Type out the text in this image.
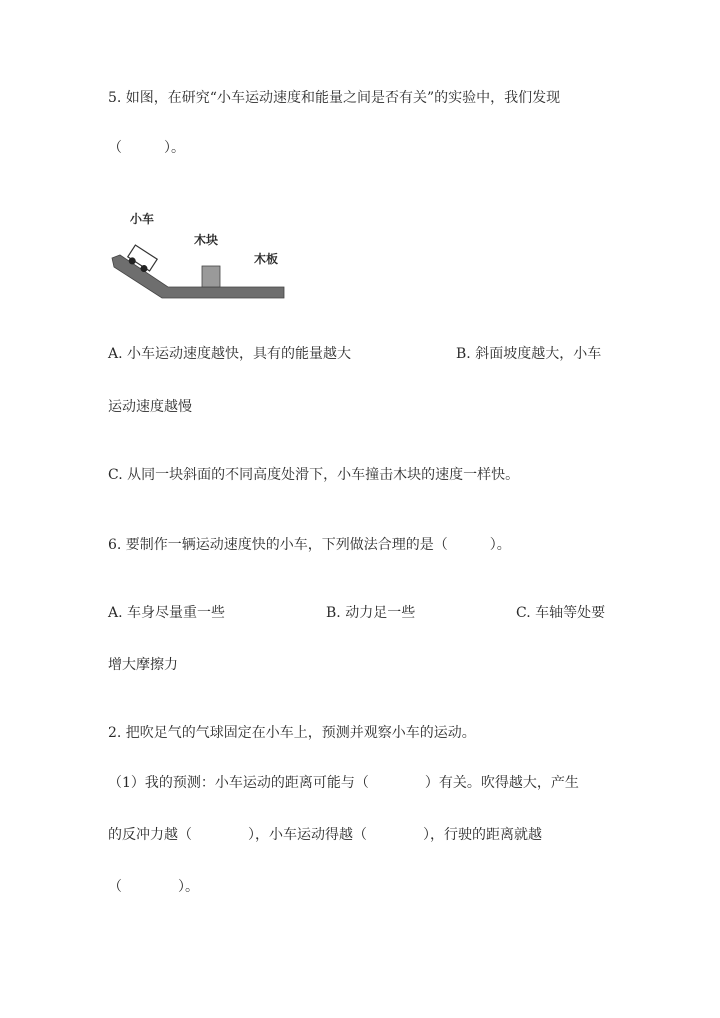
5. 如图，在研究“小车运动速度和能量之间是否有关”的实验中，我们发现
（　　　）。
小车
木块
木板
A. 小车运动速度越快，具有的能量越大	B. 斜面坡度越大，小车
运动速度越慢
C. 从同一块斜面的不同高度处滑下，小车撞击木块的速度一样快。
6. 要制作一辆运动速度快的小车，下列做法合理的是（　　　）。
A. 车身尽量重一些	B. 动力足一些	C. 车轴等处要
增大摩擦力
2. 把吹足气的气球固定在小车上，预测并观察小车的运动。
（1）我的预测：小车运动的距离可能与（　　　　）有关。吹得越大，产生
的反冲力越（　　　　），小车运动得越（　　　　），行驶的距离就越
（　　　　）。
